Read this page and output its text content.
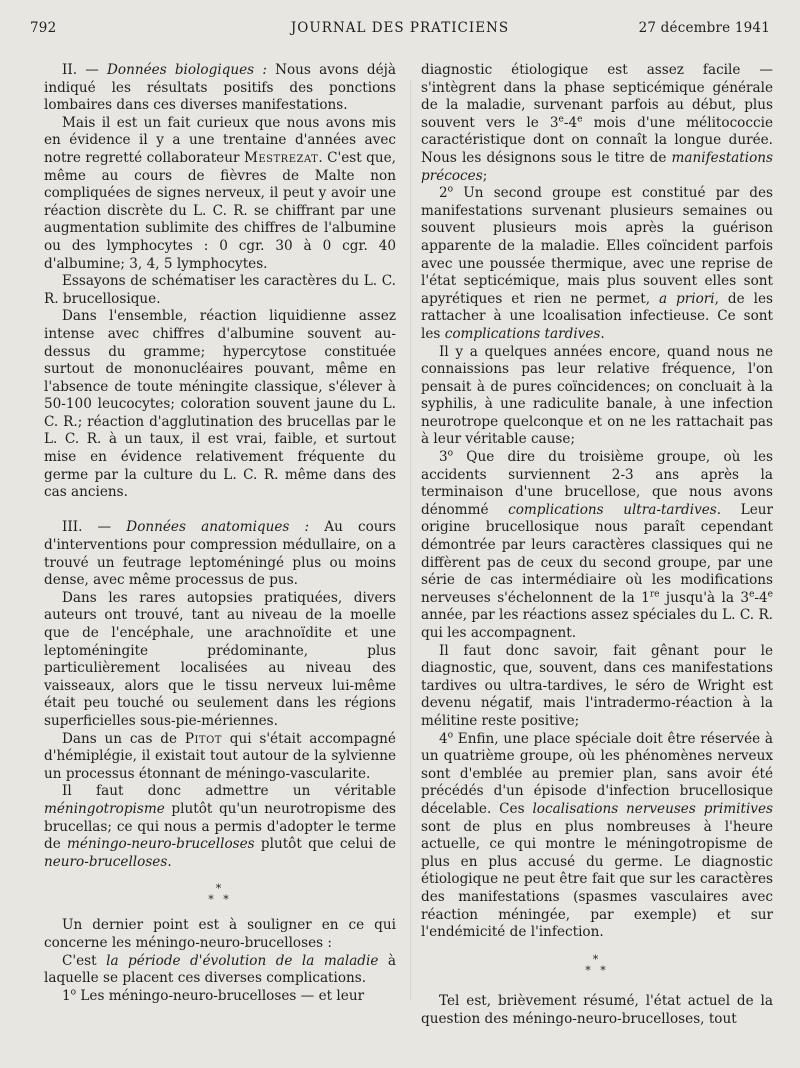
792	JOURNAL DES PRATICIENS	27 décembre 1941

II. — Données biologiques : Nous avons déjà indiqué les résultats positifs des ponctions lombaires dans ces diverses manifestations.

Mais il est un fait curieux que nous avons mis en évidence il y a une trentaine d'années avec notre regretté collaborateur Mestrezat. C'est que, même au cours de fièvres de Malte non compliquées de signes nerveux, il peut y avoir une réaction discrète du L. C. R. se chiffrant par une augmentation sublimite des chiffres de l'albumine ou des lymphocytes : 0 cgr. 30 à 0 cgr. 40 d'albumine; 3, 4, 5 lymphocytes.

Essayons de schématiser les caractères du L. C. R. brucellosique.

Dans l'ensemble, réaction liquidienne assez intense avec chiffres d'albumine souvent au-dessus du gramme; hypercytose constituée surtout de mononucléaires pouvant, même en l'absence de toute méningite classique, s'élever à 50-100 leucocytes; coloration souvent jaune du L. C. R.; réaction d'agglutination des brucellas par le L. C. R. à un taux, il est vrai, faible, et surtout mise en évidence relativement fréquente du germe par la culture du L. C. R. même dans des cas anciens.

III. — Données anatomiques : Au cours d'interventions pour compression médullaire, on a trouvé un feutrage leptoméningé plus ou moins dense, avec même processus de pus.

Dans les rares autopsies pratiquées, divers auteurs ont trouvé, tant au niveau de la moelle que de l'encéphale, une arachnoïdite et une leptoméningite prédominante, plus particulièrement localisées au niveau des vaisseaux, alors que le tissu nerveux lui-même était peu touché ou seulement dans les régions superficielles sous-pie-mériennes.

Dans un cas de Pitot qui s'était accompagné d'hémiplégie, il existait tout autour de la sylvienne un processus étonnant de méningo-vascularite.

Il faut donc admettre un véritable méningotropisme plutôt qu'un neurotropisme des brucellas; ce qui nous a permis d'adopter le terme de méningo-neuro-brucelloses plutôt que celui de neuro-brucelloses.

*
* *

Un dernier point est à souligner en ce qui concerne les méningo-neuro-brucelloses :

C'est la période d'évolution de la maladie à laquelle se placent ces diverses complications.

1$^o$ Les méningo-neuro-brucelloses — et leur

diagnostic étiologique est assez facile — s'intègrent dans la phase septicémique générale de la maladie, survenant parfois au début, plus souvent vers le 3e-4e mois d'une mélitococcie caractéristique dont on connaît la longue durée. Nous les désignons sous le titre de manifestations précoces;

2$^o$ Un second groupe est constitué par des manifestations survenant plusieurs semaines ou souvent plusieurs mois après la guérison apparente de la maladie. Elles coïncident parfois avec une poussée thermique, avec une reprise de l'état septicémique, mais plus souvent elles sont apyrétiques et rien ne permet, a priori, de les rattacher à une lcoalisation infectieuse. Ce sont les complications tardives.

Il y a quelques années encore, quand nous ne connaissions pas leur relative fréquence, l'on pensait à de pures coïncidences; on concluait à la syphilis, à une radiculite banale, à une infection neurotrope quelconque et on ne les rattachait pas à leur véritable cause;

3$^o$ Que dire du troisième groupe, où les accidents surviennent 2-3 ans après la terminaison d'une brucellose, que nous avons dénommé complications ultra-tardives. Leur origine brucellosique nous paraît cependant démontrée par leurs caractères classiques qui ne diffèrent pas de ceux du second groupe, par une série de cas intermédiaire où les modifications nerveuses s'échelonnent de la 1re jusqu'à la 3e-4e année, par les réactions assez spéciales du L. C. R. qui les accompagnent.

Il faut donc savoir, fait gênant pour le diagnostic, que, souvent, dans ces manifestations tardives ou ultra-tardives, le séro de Wright est devenu négatif, mais l'intradermo-réaction à la mélitine reste positive;

4$^o$ Enfin, une place spéciale doit être réservée à un quatrième groupe, où les phénomènes nerveux sont d'emblée au premier plan, sans avoir été précédés d'un épisode d'infection brucellosique décelable. Ces localisations nerveuses primitives sont de plus en plus nombreuses à l'heure actuelle, ce qui montre le méningotropisme de plus en plus accusé du germe. Le diagnostic étiologique ne peut être fait que sur les caractères des manifestations (spasmes vasculaires avec réaction méningée, par exemple) et sur l'endémicité de l'infection.

*
* *

Tel est, brièvement résumé, l'état actuel de la question des méningo-neuro-brucelloses, tout
